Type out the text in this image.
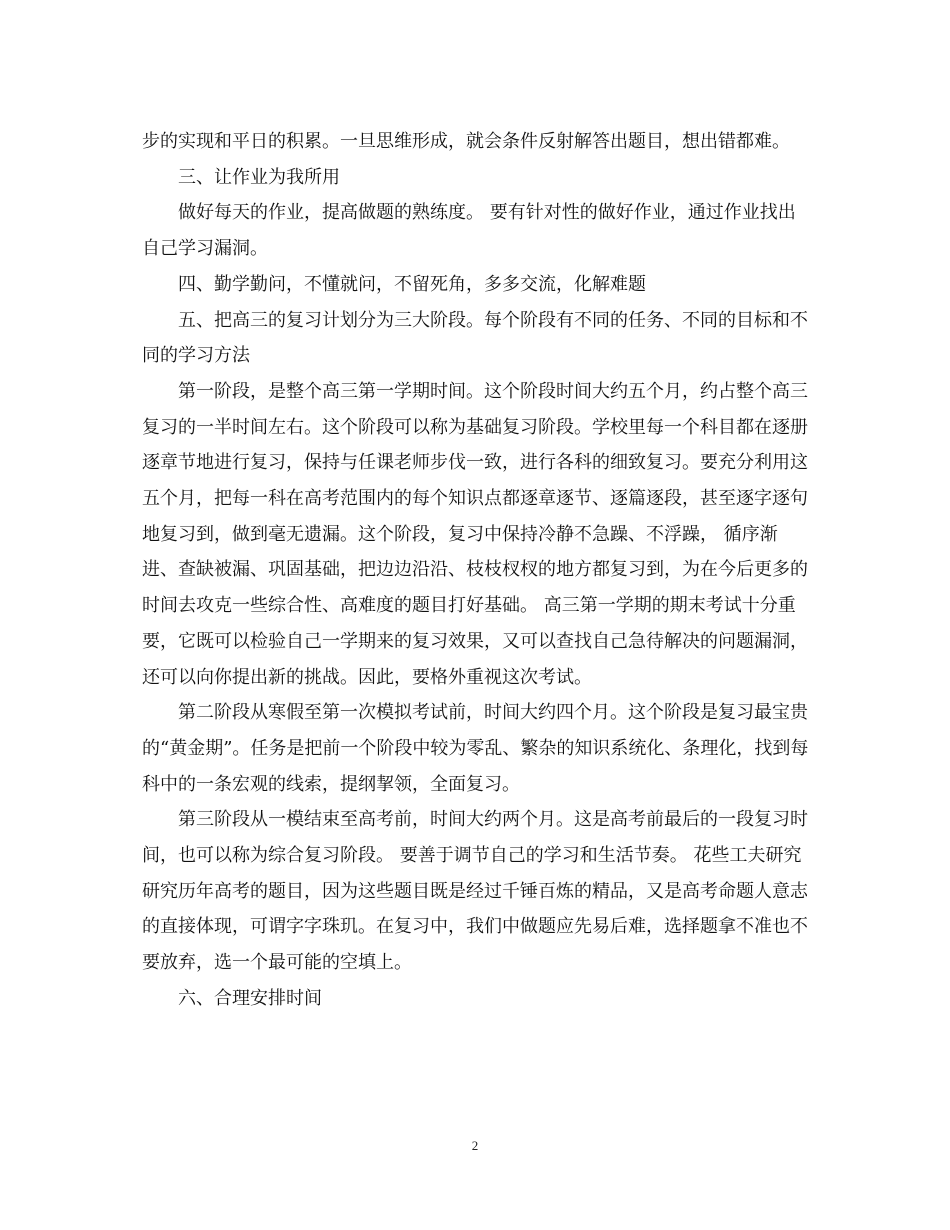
步的实现和平日的积累。一旦思维形成，就会条件反射解答出题目，想出错都难。

三、让作业为我所用

做好每天的作业，提高做题的熟练度。 要有针对性的做好作业，通过作业找出自己学习漏洞。

四、勤学勤问，不懂就问，不留死角，多多交流，化解难题

五、把高三的复习计划分为三大阶段。每个阶段有不同的任务、不同的目标和不同的学习方法

第一阶段，是整个高三第一学期时间。这个阶段时间大约五个月，约占整个高三复习的一半时间左右。这个阶段可以称为基础复习阶段。学校里每一个科目都在逐册逐章节地进行复习，保持与任课老师步伐一致，进行各科的细致复习。要充分利用这五个月，把每一科在高考范围内的每个知识点都逐章逐节、逐篇逐段，甚至逐字逐句地复习到，做到毫无遗漏。这个阶段，复习中保持冷静不急躁、不浮躁， 循序渐进、查缺被漏、巩固基础，把边边沿沿、枝枝杈杈的地方都复习到，为在今后更多的时间去攻克一些综合性、高难度的题目打好基础。 高三第一学期的期末考试十分重要，它既可以检验自己一学期来的复习效果，又可以查找自己急待解决的问题漏洞，还可以向你提出新的挑战。因此，要格外重视这次考试。

第二阶段从寒假至第一次模拟考试前，时间大约四个月。这个阶段是复习最宝贵的“黄金期”。任务是把前一个阶段中较为零乱、繁杂的知识系统化、条理化，找到每科中的一条宏观的线索，提纲挈领，全面复习。

第三阶段从一模结束至高考前，时间大约两个月。这是高考前最后的一段复习时间，也可以称为综合复习阶段。 要善于调节自己的学习和生活节奏。 花些工夫研究研究历年高考的题目，因为这些题目既是经过千锤百炼的精品，又是高考命题人意志的直接体现，可谓字字珠玑。在复习中，我们中做题应先易后难，选择题拿不准也不要放弃，选一个最可能的空填上。

六、合理安排时间

2
